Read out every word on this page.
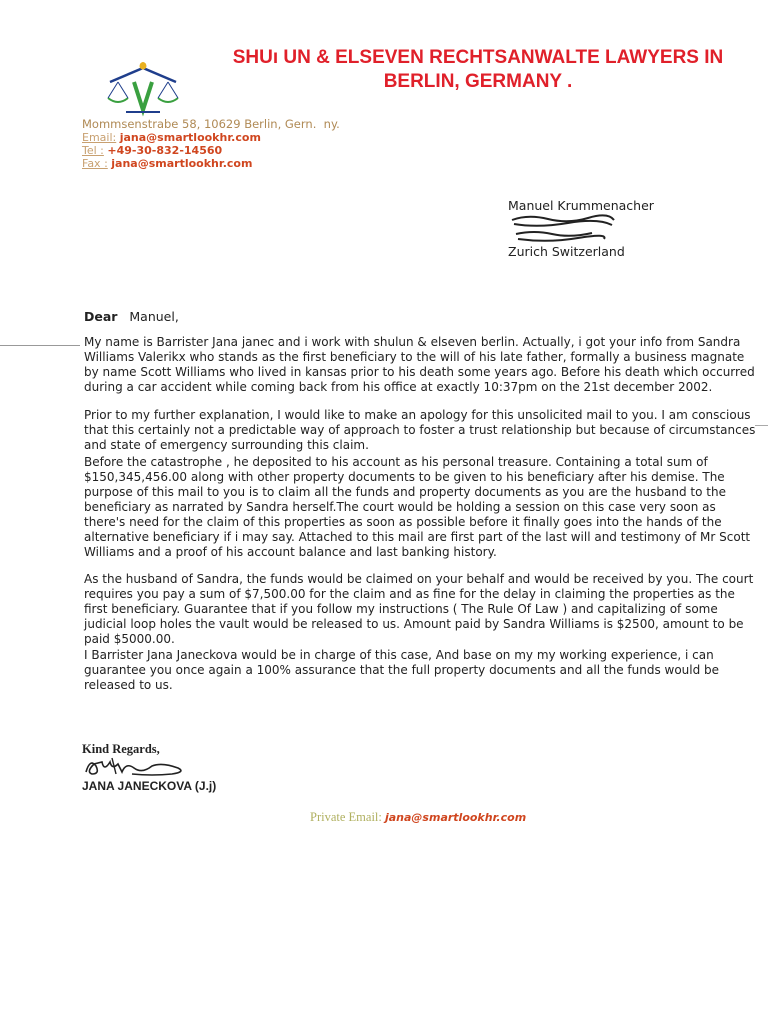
SHUı UN & ELSEVEN RECHTSANWALTE LAWYERS IN
BERLIN, GERMANY .
Mommsenstrabe 58, 10629 Berlin, Gern.  ny.
Email: jana@smartlookhr.com
Tel : +49-30-832-14560
Fax : jana@smartlookhr.com
Manuel Krummenacher
Zurich Switzerland
Dear Manuel,

My name is Barrister Jana janec and i work with shulun & elseven berlin. Actually, i got your info from Sandra Williams Valerikx who stands as the first beneficiary to the will of his late father, formally a business magnate by name Scott Williams who lived in kansas prior to his death some years ago. Before his death which occurred during a car accident while coming back from his office at exactly 10:37pm on the 21st december 2002.

Prior to my further explanation, I would like to make an apology for this unsolicited mail to you. I am conscious that this certainly not a predictable way of approach to foster a trust relationship but because of circumstances and state of emergency surrounding this claim.

Before the catastrophe , he deposited to his account as his personal treasure. Containing a total sum of $150,345,456.00 along with other property documents to be given to his beneficiary after his demise. The purpose of this mail to you is to claim all the funds and property documents as you are the husband to the beneficiary as narrated by Sandra herself.The court would be holding a session on this case very soon as there's need for the claim of this properties as soon as possible before it finally goes into the hands of the alternative beneficiary if i may say. Attached to this mail are first part of the last will and testimony of Mr Scott Williams and a proof of his account balance and last banking history.

As the husband of Sandra, the funds would be claimed on your behalf and would be received by you. The court requires you pay a sum of $7,500.00 for the claim and as fine for the delay in claiming the properties as the first beneficiary. Guarantee that if you follow my instructions ( The Rule Of Law ) and capitalizing of some judicial loop holes the vault would be released to us. Amount paid by Sandra Williams is $2500, amount to be paid $5000.00.

I Barrister Jana Janeckova would be in charge of this case, And base on my my working experience, i can guarantee you once again a 100% assurance that the full property documents and all the funds would be released to us.

Kind Regards,
JANA JANECKOVA (J.j)
Private Email: jana@smartlookhr.com
